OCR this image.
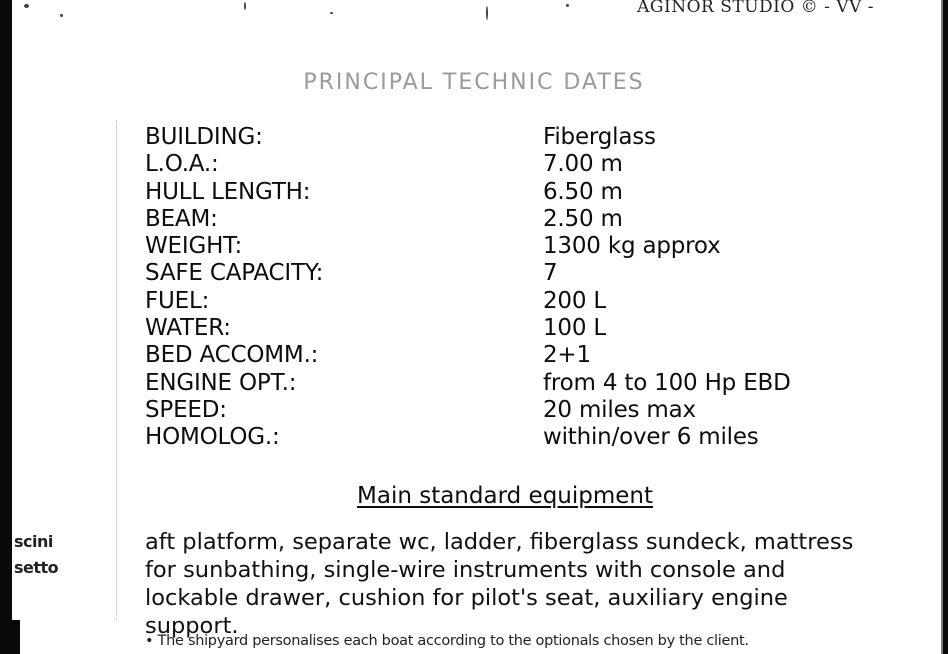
AGINOR STUDIO © - VV -
PRINCIPAL TECHNIC DATES
BUILDING:	Fiberglass
L.O.A.:	7.00 m
HULL LENGTH:	6.50 m
BEAM:	2.50 m
WEIGHT:	1300 kg approx
SAFE CAPACITY:	7
FUEL:	200 L
WATER:	100 L
BED ACCOMM.:	2+1
ENGINE OPT.:	from 4 to 100 Hp EBD
SPEED:	20 miles max
HOMOLOG.:	within/over 6 miles
Main standard equipment

aft platform, separate wc, ladder, fiberglass sundeck, mattress for sunbathing, single-wire instruments with console and lockable drawer, cushion for pilot's seat, auxiliary engine support.

scini
setto
• The shipyard personalises each boat according to the optionals chosen by the client.
